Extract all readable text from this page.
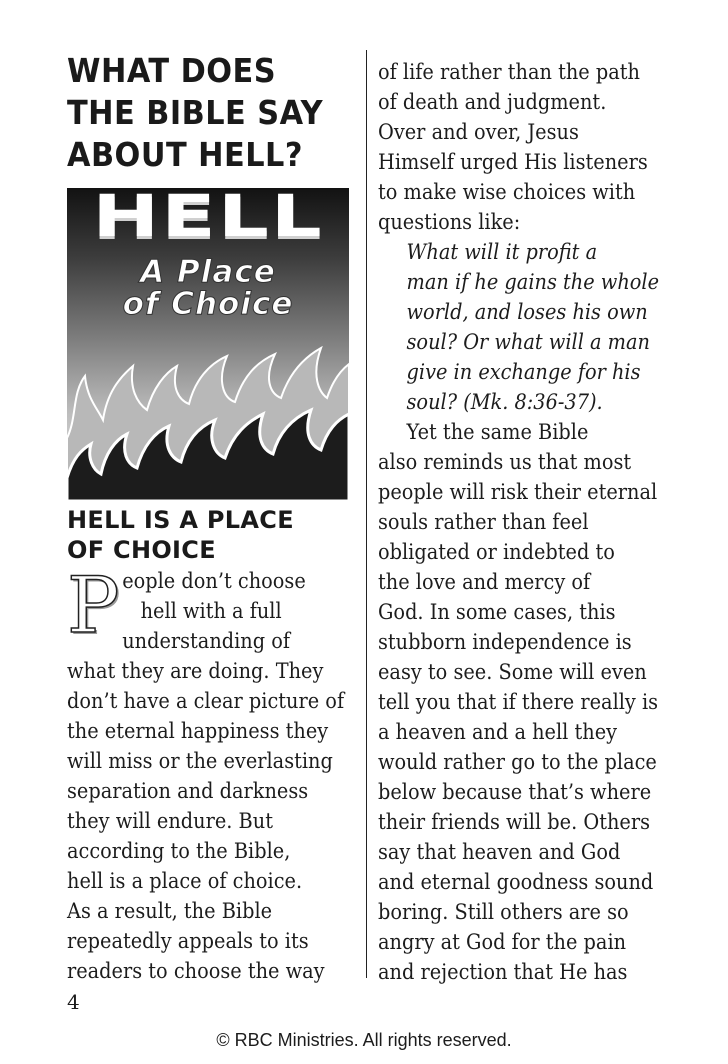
WHAT DOES
THE BIBLE SAY
ABOUT HELL?
HELL
A Place
of Choice
HELL IS A PLACE
OF CHOICE
P eople don’t choose
hell with a full
understanding of
what they are doing. They
don’t have a clear picture of
the eternal happiness they
will miss or the everlasting
separation and darkness
they will endure. But
according to the Bible,
hell is a place of choice.
As a result, the Bible
repeatedly appeals to its
readers to choose the way
of life rather than the path
of death and judgment.
Over and over, Jesus
Himself urged His listeners
to make wise choices with
questions like:
What will it profit a
man if he gains the whole
world, and loses his own
soul? Or what will a man
give in exchange for his
soul? (Mk. 8:36-37).
Yet the same Bible
also reminds us that most
people will risk their eternal
souls rather than feel
obligated or indebted to
the love and mercy of
God. In some cases, this
stubborn independence is
easy to see. Some will even
tell you that if there really is
a heaven and a hell they
would rather go to the place
below because that’s where
their friends will be. Others
say that heaven and God
and eternal goodness sound
boring. Still others are so
angry at God for the pain
and rejection that He has
4
© RBC Ministries. All rights reserved.
